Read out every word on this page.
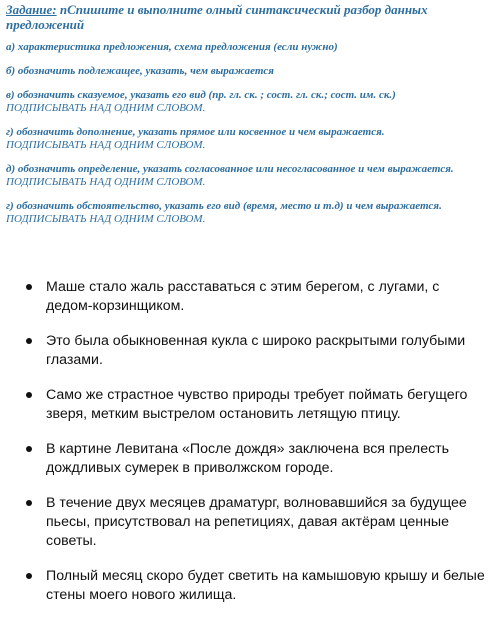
Задание: пСпишите и выполните олный синтаксический разбор данных предложений

а) характеристика предложения, схема предложения (если нужно)

б) обозначить подлежащее, указать, чем выражается

в) обозначить сказуемое, указать его вид (пр. гл. ск. ; сост. гл. ск.; сост. им. ск.)
ПОДПИСЫВАТЬ НАД ОДНИМ СЛОВОМ.

г) обозначить дополнение, указать прямое или косвенное и чем выражается.
ПОДПИСЫВАТЬ НАД ОДНИМ СЛОВОМ.

д) обозначить определение, указать согласованное или несогласованное и чем выражается. ПОДПИСЫВАТЬ НАД ОДНИМ СЛОВОМ.

г) обозначить обстоятельство, указать его вид (время, место и т.д) и чем выражается. ПОДПИСЫВАТЬ НАД ОДНИМ СЛОВОМ.

Маше стало жаль расставаться с этим берегом, с лугами, с дедом-корзинщиком.
Это была обыкновенная кукла с широко раскрытыми голубыми глазами.
Само же страстное чувство природы требует поймать бегущего зверя, метким выстрелом остановить летящую птицу.
В картине Левитана «После дождя» заключена вся прелесть дождливых сумерек в приволжском городе.
В течение двух месяцев драматург, волновавшийся за будущее пьесы, присутствовал на репетициях, давая актёрам ценные советы.
Полный месяц скоро будет светить на камышовую крышу и белые стены моего нового жилища.
